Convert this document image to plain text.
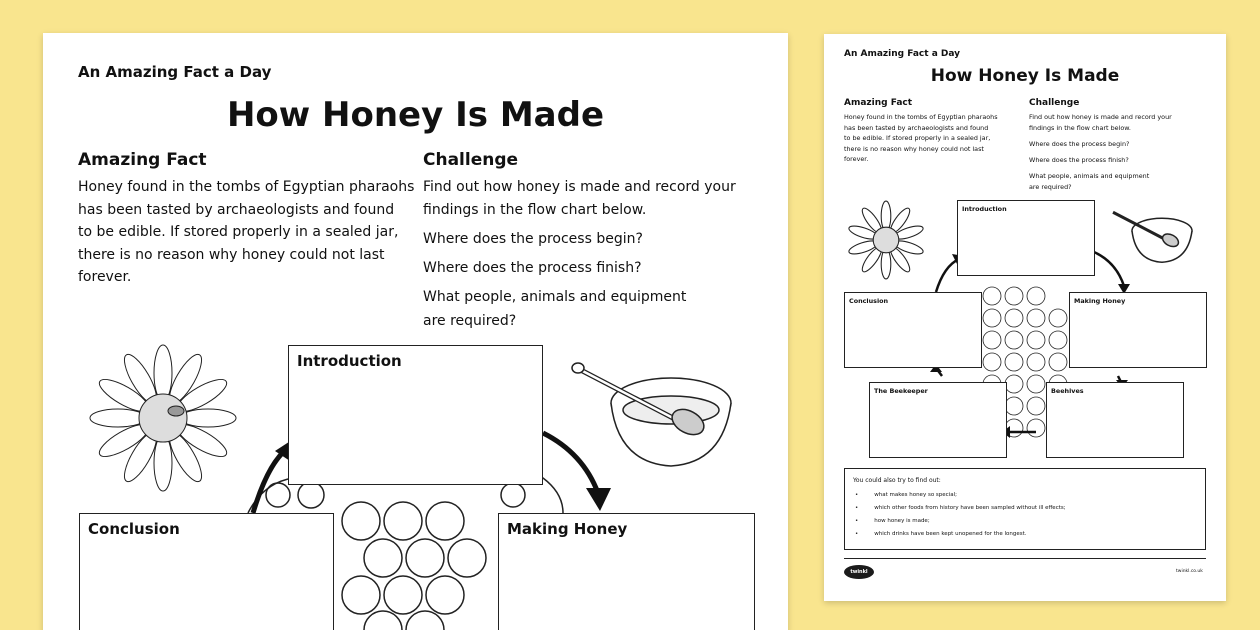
An Amazing Fact a Day
How Honey Is Made
Amazing Fact
Honey found in the tombs of Egyptian pharaohs
has been tasted by archaeologists and found
to be edible. If stored properly in a sealed jar,
there is no reason why honey could not last
forever.
Challenge
Find out how honey is made and record your
findings in the flow chart below.
Where does the process begin?
Where does the process finish?
What people, animals and equipment
are required?
Introduction
Conclusion	Making Honey
An Amazing Fact a Day
How Honey Is Made
Amazing Fact
Honey found in the tombs of Egyptian pharaohs
has been tasted by archaeologists and found
to be edible. If stored properly in a sealed jar,
there is no reason why honey could not last
forever.
Challenge
Find out how honey is made and record your
findings in the flow chart below.
Where does the process begin?
Where does the process finish?
What people, animals and equipment
are required?
Introduction
Conclusion	Making Honey
The Beekeeper	Beehives
You could also try to find out:
• what makes honey so special;
• which other foods from history have been sampled without ill effects;
• how honey is made;
• which drinks have been kept unopened for the longest.
twinkl	twinkl.co.uk
